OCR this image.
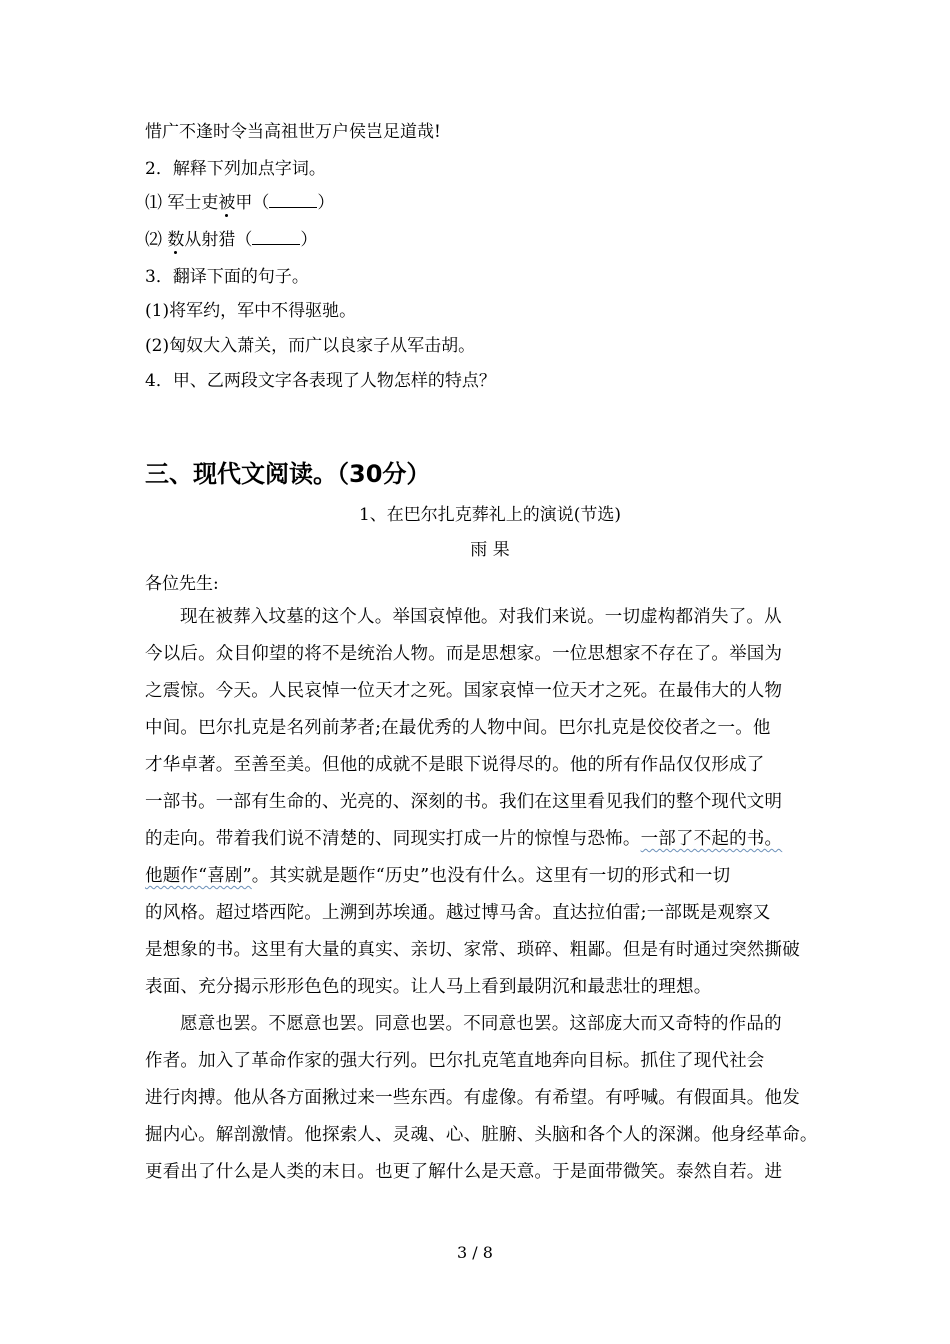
惜广不逢时令当高祖世万户侯岂足道哉!
2．解释下列加点字词。
⑴ 军士吏被甲（	）
⑵ 数从射猎（	）
3．翻译下面的句子。
(1)将军约，军中不得驱驰。
(2)匈奴大入萧关，而广以良家子从军击胡。
4．甲、乙两段文字各表现了人物怎样的特点？
三、现代文阅读。（30分）
1、在巴尔扎克葬礼上的演说(节选)
雨 果
各位先生:
现在被葬入坟墓的这个人。举国哀悼他。对我们来说。一切虚构都消失了。从
今以后。众目仰望的将不是统治人物。而是思想家。一位思想家不存在了。举国为
之震惊。今天。人民哀悼一位天才之死。国家哀悼一位天才之死。在最伟大的人物
中间。巴尔扎克是名列前茅者;在最优秀的人物中间。巴尔扎克是佼佼者之一。他
才华卓著。至善至美。但他的成就不是眼下说得尽的。他的所有作品仅仅形成了
一部书。一部有生命的、光亮的、深刻的书。我们在这里看见我们的整个现代文明
的走向。带着我们说不清楚的、同现实打成一片的惊惶与恐怖。一部了不起的书。
他题作“喜剧”。其实就是题作“历史”也没有什么。这里有一切的形式和一切
的风格。超过塔西陀。上溯到苏埃通。越过博马舍。直达拉伯雷;一部既是观察又
是想象的书。这里有大量的真实、亲切、家常、琐碎、粗鄙。但是有时通过突然撕破
表面、充分揭示形形色色的现实。让人马上看到最阴沉和最悲壮的理想。
愿意也罢。不愿意也罢。同意也罢。不同意也罢。这部庞大而又奇特的作品的
作者。加入了革命作家的强大行列。巴尔扎克笔直地奔向目标。抓住了现代社会
进行肉搏。他从各方面揪过来一些东西。有虚像。有希望。有呼喊。有假面具。他发
掘内心。解剖激情。他探索人、灵魂、心、脏腑、头脑和各个人的深渊。他身经革命。
更看出了什么是人类的末日。也更了解什么是天意。于是面带微笑。泰然自若。进
3 / 8
